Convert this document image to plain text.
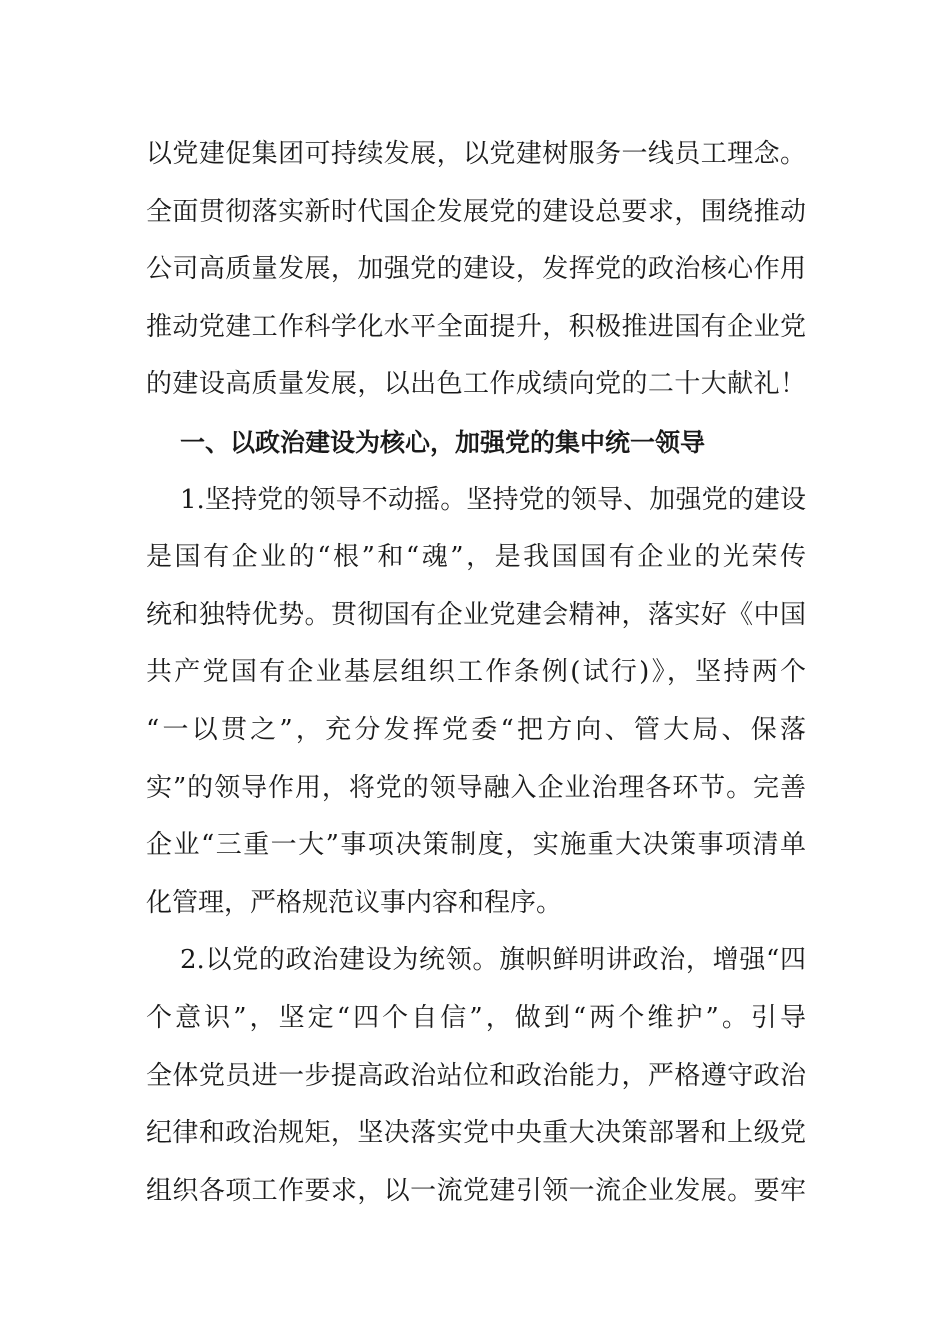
以党建促集团可持续发展，以党建树服务一线员工理念。
全面贯彻落实新时代国企发展党的建设总要求，围绕推动
公司高质量发展，加强党的建设，发挥党的政治核心作用
推动党建工作科学化水平全面提升，积极推进国有企业党
的建设高质量发展，以出色工作成绩向党的二十大献礼！
一、以政治建设为核心，加强党的集中统一领导
1.坚持党的领导不动摇。坚持党的领导、加强党的建设
是国有企业的“根”和“魂”，是我国国有企业的光荣传
统和独特优势。贯彻国有企业党建会精神，落实好《中国
共产党国有企业基层组织工作条例(试行)》，坚持两个
“一以贯之”，充分发挥党委“把方向、管大局、保落
实”的领导作用，将党的领导融入企业治理各环节。完善
企业“三重一大”事项决策制度，实施重大决策事项清单
化管理，严格规范议事内容和程序。
2.以党的政治建设为统领。旗帜鲜明讲政治，增强“四
个意识”，坚定“四个自信”，做到“两个维护”。引导
全体党员进一步提高政治站位和政治能力，严格遵守政治
纪律和政治规矩，坚决落实党中央重大决策部署和上级党
组织各项工作要求，以一流党建引领一流企业发展。要牢
